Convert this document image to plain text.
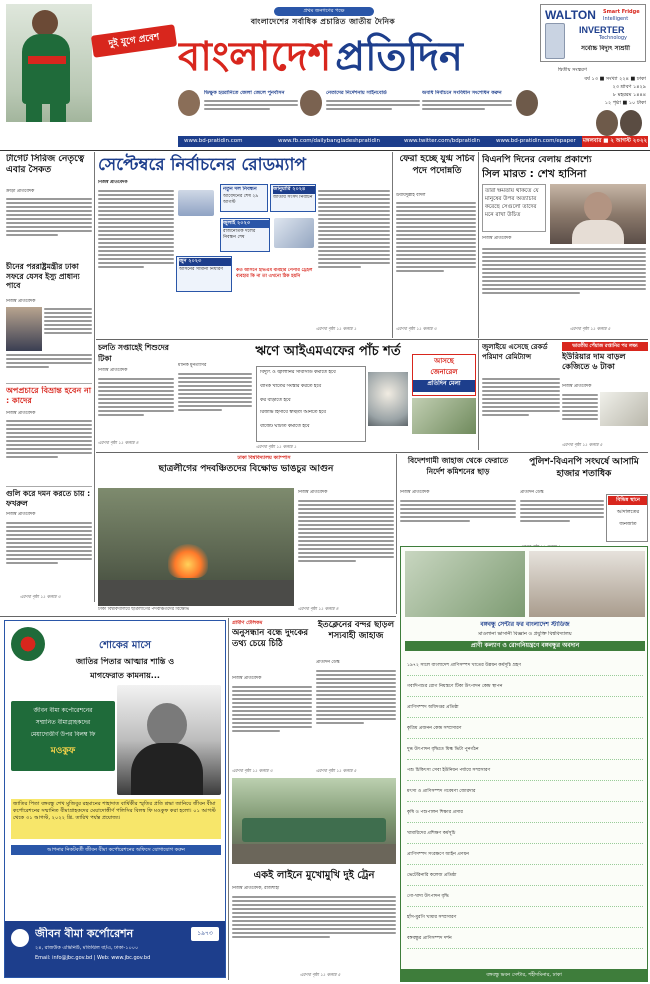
প্রথম জনগণের পক্ষে
বাংলাদেশের সর্বাধিক প্রচারিত জাতীয় দৈনিক
দুই যুগে প্রবেশ বাংলাদেশ প্রতিদিন
WALTON	Smart Fridge
Intelligent
INVERTER
Technology
সর্বোচ্চ বিদ্যুৎ সাশ্রয়ী
দ্বিতীয় সংস্করণ
বর্ষ ১৩ ■ সংখ্যা ২২৪ ■ ঢাকা
২৩ শ্রাবণ ১৪২৯
৮ মহররম ১৪৪৪
১২ পৃষ্ঠা ■ ১০ টাকা
ভিক্ষুক হয়রানিতে জেলা জেলে পুনর্বাসন	নেতাদের নির্দেশনায় সাইনবোর্ড	অবাধ নির্বাচনে সংবিধান সংশোধন করুন
www.bd-pratidin.com	www.fb.com/dailybangladeshpratidin	www.twitter.com/bdpratidin	www.bd-pratidin.com/epaper	মঙ্গলবার ■ ২ আগস্ট ২০২২
টাগেট সিরিজ নেতৃত্বে এবার সৈকত
ক্রীড়া প্রতিবেদক
চীনের পররাষ্ট্রমন্ত্রীর ঢাকা সফরে যেসব ইস্যু প্রাধান্য পাবে
নিজস্ব প্রতিবেদক
অপপ্রচারে বিভ্রান্ত হবেন না : কাদের
নিজস্ব প্রতিবেদক
গুলি করে দমন করতে চায় : ফখরুল
নিজস্ব প্রতিবেদক
এরপর পৃষ্ঠা ১১ কলাম ৩
সেপ্টেম্বরে নির্বাচনের রোডম্যাপ
নিজস্ব প্রতিবেদক
নতুন দল নিবন্ধন
আবেদনের শেষ ২৯ আগস্ট
জানুয়ারি ২০২৪
জাতীয় সংসদ নির্বাচন
জুলাই ২০২৩
রাজনৈতিক দলের নিবন্ধন শেষ
জুন ২০২৩
আসনের সীমানা নির্ধারণ	কত আসনে ইভিএম ব্যবহার পেপার ট্রেইল ব্যবহার কি না তা এখনো ঠিক হয়নি
এরপর পৃষ্ঠা ১১ কলাম ১
ফেরা হচ্ছে যুগ্ম সচিব পদে পদোন্নতি
উবায়দুল্লাহ বাদল
এরপর পৃষ্ঠা ১১ কলাম ৩
বিএনপি দিনের বেলায় প্রকাশ্যে
সিল মারত : শেখ হাসিনা
তারা ক্ষমতায় থাকতে যে মানুষের উপর অত্যাচার করেছে সেগুলো তাদের মনে রাখা উচিত
নিজস্ব প্রতিবেদক
এরপর পৃষ্ঠা ১১ কলাম ৫
চলতি সপ্তাহেই শিশুদের টিকা
নিজস্ব প্রতিবেদক
এরপর পৃষ্ঠা ১১ কলাম ৪
ঋণে আইএমএফের পাঁচ শর্ত
মানিক মুনতাসির
বিদ্যুৎ ও জ্বালানির সাবসিডি কমাতে হবে
ব্যাংক খাতের সংস্কার করতে হবে
কর বাড়াতে হবে
রিজার্ভ হিসাবে স্বচ্ছতা আনতে হবে
বাজেট ঘাটতি কমাতে হবে
এরপর পৃষ্ঠা ১১ কলাম ১
আসছে
জেনারেল
প্রতিদিন মেলা
জুলাইয়ে এসেছে রেকর্ড পরিমাণ রেমিট্যান্স
ভারতীয় পেঁয়াজ রপ্তানির পর লক্ষ্য
ইউরিয়ার দাম বাড়ল কেজিতে ৬ টাকা
নিজস্ব প্রতিবেদক
এরপর পৃষ্ঠা ১১ কলাম ৫
ঢাকা বিশ্ববিদ্যালয় ক্যাম্পাস
ছাত্রলীগের পদবঞ্চিতদের বিক্ষোভ ভাঙচুর আগুন
ঢাকা বিশ্ববিদ্যালয়ে ছাত্রলীগের পদবঞ্চিতদের বিক্ষোভ
নিজস্ব প্রতিবেদক
এরপর পৃষ্ঠা ১১ কলাম ৪
বিদেশগামী জাহাজ থেকে ফেরাতে নির্দেশ কমিশনের ছাড়
নিজস্ব প্রতিবেদক
পুলিশ-বিএনপি সংঘর্ষে আসামি হাজার শতাধিক
প্রতিদিন ডেস্ক
বিভিন্ন স্থানে
আদালতের
জনজাত
বঙ্গবন্ধু সেন্টার ফর বাংলাদেশ স্টাডিজ
মাওলানা ভাসানী বিজ্ঞান ও প্রযুক্তি বিশ্ববিদ্যালয়
প্রাণী কল্যাণ ও রোগনিয়ন্ত্রণে বঙ্গবন্ধুর অবদান
১৯৭২ সালে বাংলাদেশ প্রাণিসম্পদ খাতের উন্নয়ন কর্মসূচি গ্রহণ
গবাদিপশুর রোগ নিয়ন্ত্রণে টিকা উৎপাদন কেন্দ্র স্থাপন
প্রাণিসম্পদ অধিদপ্তর প্রতিষ্ঠা
কৃত্রিম প্রজনন কেন্দ্র সম্প্রসারণ
দুগ্ধ উৎপাদন বৃদ্ধিতে মিল্ক ভিটা পুনর্গঠন
পশু চিকিৎসা সেবা ইউনিয়ন পর্যায়ে সম্প্রসারণ
মৎস্য ও প্রাণিসম্পদ গবেষণা জোরদার
কৃষি ও পশুপালন শিক্ষার প্রসার
খামারিদের প্রশিক্ষণ কর্মসূচি
প্রাণিসম্পদ সংরক্ষণে আইন প্রণয়ন
ভেটেরিনারি কলেজ প্রতিষ্ঠা
গো-খাদ্য উৎপাদন বৃদ্ধি
হাঁস-মুরগি খামার সম্প্রসারণ
বঙ্গবন্ধুর প্রাণিসম্পদ দর্শন
বঙ্গবন্ধু ভবন সেন্টার, শহীদমিনার, ঢাকা
শোকের মাসে
জাতির পিতার আত্মার শান্তি ও
মাগফেরাত কামনায়...
জীবন বীমা কর্পোরেশনের
সম্মানিত বীমাগ্রাহকদের
মেয়াদোত্তীর্ণ উপর বিলম্ব ফি
মওকুফ
জাতির পিতা বঙ্গবন্ধু শেখ মুজিবুর রহমানের শাহাদাত বার্ষিকীর স্মৃতির প্রতি শ্রদ্ধা জানিয়ে জীবন বীমা কর্পোরেশনের সম্মানিত বীমাগ্রাহকদের মেয়াদোত্তীর্ণ পলিসির বিলম্ব ফি মওকুফ করা হলো। ০১ আগস্ট থেকে ৩১ আগস্ট, ২০২২ খ্রি. তারিখ পর্যন্ত প্রযোজ্য।
আপনার নিকটবর্তী জীবন বীমা কর্পোরেশনের অফিসে যোগাযোগ করুন
জীবন বীমা কর্পোরেশন	১৯৭৩
২৪, রাজউক এভিনিউ, মতিঝিল বা/এ, ঢাকা-১০০০
Email: info@jbc.gov.bd | Web: www.jbc.gov.bd
গ্রামীণ টেলিকম
অনুসন্ধান বন্ধে দুদকের তথ্য চেয়ে চিঠি
নিজস্ব প্রতিবেদক
এরপর পৃষ্ঠা ১১ কলাম ৩
ইতক্লেনের বন্দর ছাড়ল শস্যবাহী জাহাজ
প্রতিদিন ডেস্ক
এরপর পৃষ্ঠা ১১ কলাম ৫
একই লাইনে মুখোমুখি দুই ট্রেন
নিজস্ব প্রতিবেদক, রাজশাহী
এরপর পৃষ্ঠা ১১ কলাম ৫
